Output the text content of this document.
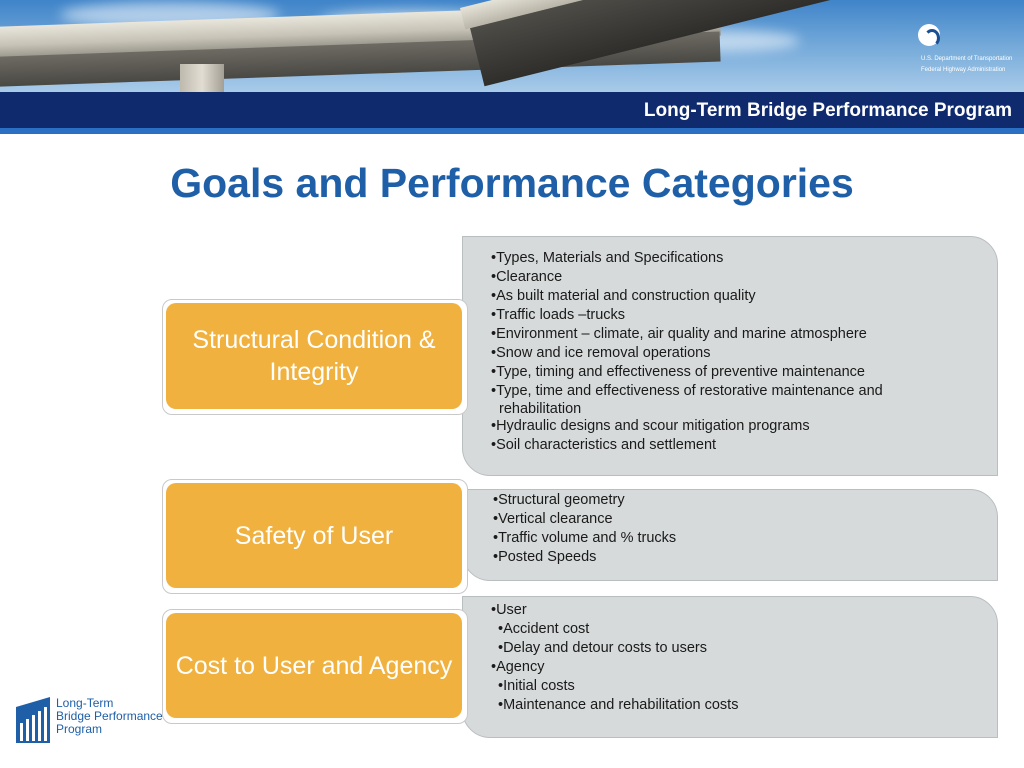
U.S. Department of Transportation
Federal Highway Administration
Long-Term Bridge Performance Program
Goals and Performance Categories
•Types, Materials and Specifications
•Clearance
•As built material and construction quality
•Traffic loads –trucks
•Environment – climate, air quality and marine atmosphere
•Snow and ice removal operations
•Type, timing and effectiveness of preventive maintenance
•Type, time and effectiveness of restorative maintenance and
rehabilitation
•Hydraulic designs and scour mitigation programs
•Soil characteristics and settlement
Structural Condition & Integrity
•Structural geometry
•Vertical clearance
•Traffic volume and % trucks
•Posted Speeds
Safety of User
•User
•Accident cost
•Delay and detour costs to users
•Agency
•Initial costs
•Maintenance and rehabilitation costs
Cost to User and Agency
Long-Term
Bridge Performance
Program
